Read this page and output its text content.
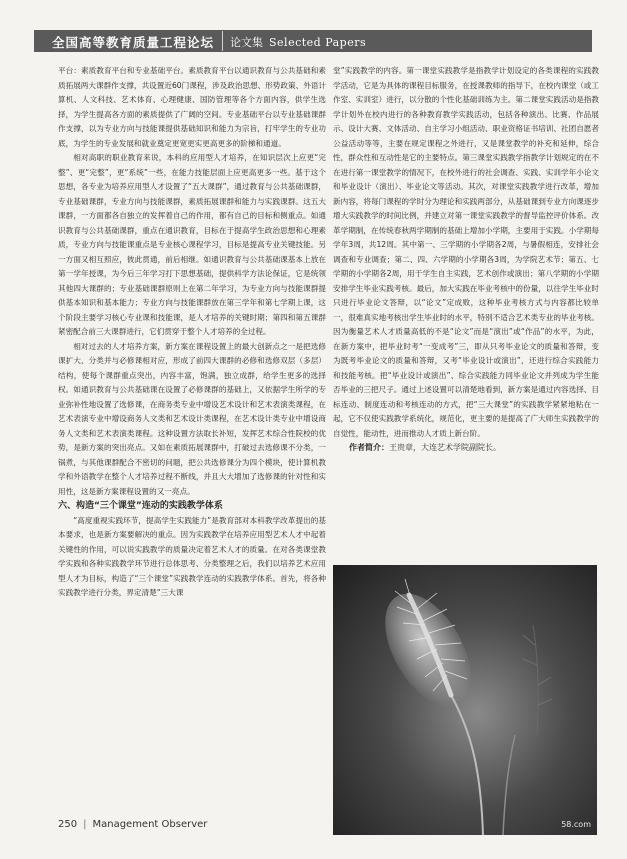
全国高等教育质量工程论坛 论文集 Selected Papers

平台：素质教育平台和专业基础平台。素质教育平台以通识教育与公共基础和素质拓展两大课群作支撑，共设置近60门课程，涉及政治思想、形势政策、外语计算机、人文科技、艺术体育、心理健康、国防管理等各个方面内容，供学生选择，为学生提高各方面的素质提供了广阔的空间。专业基础平台以专业基础课群作支撑，以为专业方向与技能课提供基础知识和能力为宗旨，打牢学生的专业功底，为学生的专业发展和就业奠定更宽更实更高更多的阶梯和通道。

相对高职的职业教育来说，本科的应用型人才培养，在知识层次上应更“完整”、更“完整”，更“系统”一些，在能力技能层面上应更高更多一些。基于这个思想，各专业为培养应用型人才设置了“五大课群”，通过教育与公共基础课群，专业基础课群，专业方向与技能课群，素质拓展课群和能力与实践课群。这五大课群，一方面都各自独立的发挥着自己的作用，都有自己的目标和侧重点。如通识教育与公共基础课群，重点在通识教育，目标在于提高学生政治思想和心理素质，专业方向与技能课重点是专业核心课程学习，目标是提高专业关键技能。另一方面又相互照应，彼此贯通，前后相继。如通识教育与公共基础课基本上放在第一学年授课，为今后三年学习打下思想基础，提供科学方法论保证，它是统领其他四大课群的；专业基础课群原则上在第二年学习，为专业方向与技能课群提供基本知识和基本能力；专业方向与技能课群放在第三学年和第七学期上课，这个阶段主要学习核心专业课和技能课，是人才培养的关键时期；第四和第五课群紧密配合前三大课群进行，它们贯穿于整个人才培养的全过程。

相对过去的人才培养方案，新方案在课程设置上的最大创新点之一是把选修课扩大、分类并与必修课相对应，形成了前四大课群的必修和选修双层（多层）结构，使每个课群重点突出，内容丰富，饱满，独立成群，给学生更多的选择权。如通识教育与公共基础课在设置了必修课群的基础上，又依据学生所学的专业弥补性地设置了选修课，在商务类专业中增设艺术设计和艺术表演类课程，在艺术表演专业中增设商务人文类和艺术设计类课程，在艺术设计类专业中增设商务人文类和艺术表演类课程。这种设置方法取长补短，发挥艺术综合性院校的优势，是新方案的突出亮点。又如在素质拓展课群中，打破过去选修课不分类，一锅煮，与其他课群配合不密切的问题，把公共选修课分为四个模块，使计算机教学和外语教学在整个人才培养过程不断线，并且大大增加了选修课的针对性和实用性，这是新方案课程设置的又一亮点。

六、构造“三个课堂”连动的实践教学体系

“高度重视实践环节，提高学生实践能力”是教育部对本科教学改革提出的基本要求，也是新方案要解决的重点。因为实践教学在培养应用型艺术人才中起着关键性的作用，可以说实践教学的质量决定着艺术人才的质量。在对各类课堂教学实践和各种实践教学环节进行总体思考、分类整理之后，我们以培养艺术应用型人才为目标，构造了“三个课堂”实践教学连动的实践教学体系。首先，将各种实践教学进行分类，界定清楚“三大课

堂”实践教学的内容。第一课堂实践教学是指教学计划设定的各类课程的实践教学活动，它是为具体的课程目标服务，在授课教师的指导下，在校内课堂（或工作室、实训室）进行，以分散的个性化基础训练为主。第二课堂实践活动是指教学计划外在校内进行的各种教育教学实践活动，包括各种演出、比赛、作品展示、设计大赛、文体活动、自主学习小组活动、职业资格证书培训、社团自愿者公益活动等等，主要在规定课程之外进行，又是课堂教学的补充和延伸，综合性，群众性和互动性是它的主要特点。第三课堂实践教学指教学计划规定的在不在进行第一课堂教学的情况下，在校外进行的社会调查、实践、实训学年小论文和毕业设计（演出）、毕业论文等活动。其次，对课堂实践教学进行改革，增加新内容，将每门课程的学时分为理论和实践两部分，从基础课到专业方向课逐步增大实践教学的时间比例，并建立对第一课堂实践教学的督导监控评价体系。改革学期制，在传统春秋两学期制的基础上增加小学期，主要用于实践。小学期每学年3周，共12周。其中第一、三学期的小学期各2周，与暑假相连，安排社会调查和专业调查；第二、四、六学期的小学期各3周，为学院艺术节；第五、七学期的小学期各2周，用于学生自主实践，艺术创作或演出；第八学期的小学期安排学生毕业实践考核。最后，加大实践在毕业考核中的份量，以往学生毕业时只进行毕业论文答辩，以“论文”定成败，这种毕业考核方式与内容都比较单一，很难真实地考核出学生毕业时的水平，特别不适合艺术类专业的毕业考核。因为衡量艺术人才质量高低的不是“论文”而是“演出”或“作品”的水平，为此，在新方案中，把毕业时考“一变成考”三，即从只考毕业论文的质量和答辩，变为既考毕业论文的质量和答辩，又考“毕业设计或演出”，还进行综合实践能力和技能考核。把“毕业设计或演出”、综合实践能力同毕业论文并列成为学生能否毕业的三把尺子。通过上述设置可以清楚地看到，新方案是通过内容选择、目标连动、制度连动和考核连动的方式，把“三大课堂”的实践教学紧紧地粘在一起，它不仅使实践教学系统化，规范化，更主要的是提高了广大师生实践教学的自觉性，能动性，进而推动人才质上新台阶。

作者简介：王贵章，大连艺术学院副院长。

58.com
250 | Management Observer
